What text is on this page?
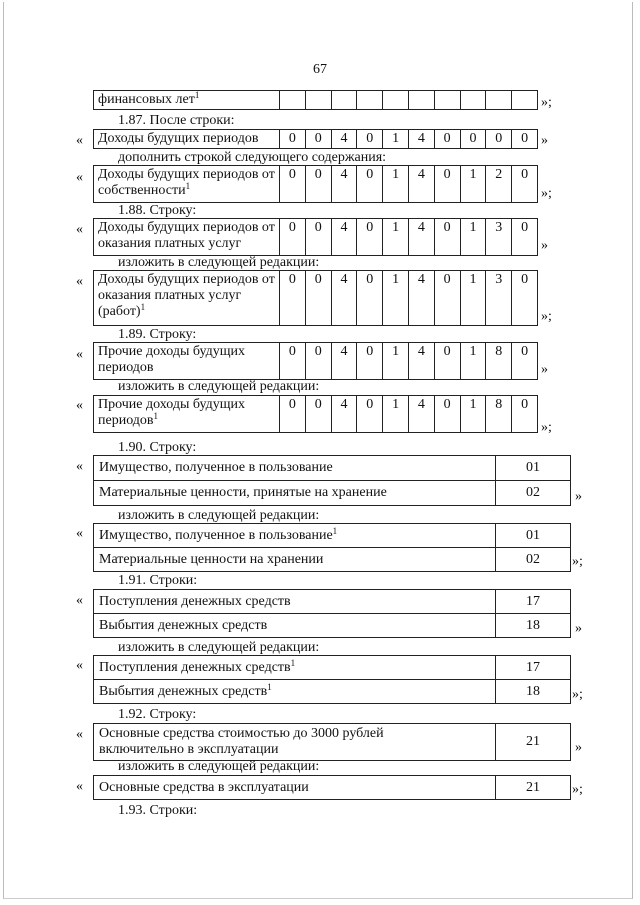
67
финансовых лет$^1$											»;
1.87. После строки:
« Доходы будущих периодов	0	0	4	0	1	4	0	0	0	0 »
дополнить строкой следующего содержания:
« Доходы будущих периодов от собственности$^1$	0	0	4	0	1	4	0	1	2	0
»;
1.88. Строку:
« Доходы будущих периодов от оказания платных услуг	0	0	4	0	1	4	0	1	3	0
»
изложить в следующей редакции:
« Доходы будущих периодов от оказания платных услуг (работ)$^1$	0	0	4	0	1	4	0	1	3	0
»;
1.89. Строку:
« Прочие доходы будущих периодов	0	0	4	0	1	4	0	1	8	0
»
изложить в следующей редакции:
« Прочие доходы будущих периодов$^1$	0	0	4	0	1	4	0	1	8	0
»;
1.90. Строку:
« Имущество, полученное в пользование	01
Материальные ценности, принятые на хранение	02	»
изложить в следующей редакции:
« Имущество, полученное в пользование$^1$	01
Материальные ценности на хранении	02 »;
1.91. Строки:
« Поступления денежных средств	17
Выбытия денежных средств	18	»
изложить в следующей редакции:
« Поступления денежных средств$^1$	17
Выбытия денежных средств$^1$	18 »;
1.92. Строку:
« Основные средства стоимостью до 3000 рублей включительно в эксплуатации	21	»
изложить в следующей редакции:
« Основные средства в эксплуатации	21 »;
1.93. Строки:
